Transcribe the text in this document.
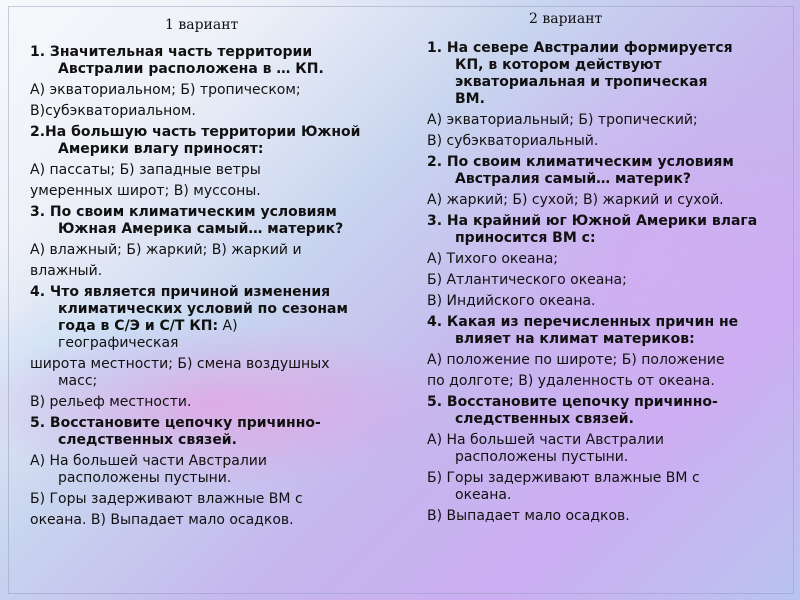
1 вариант
1. Значительная часть территории
Австралии расположена в … КП.
А) экваториальном; Б) тропическом;
В)субэкваториальном.
2.На большую часть территории Южной
Америки влагу приносят:
А) пассаты; Б) западные ветры
умеренных широт; В) муссоны.
3. По своим климатическим условиям
Южная Америка самый… материк?
А) влажный; Б) жаркий; В) жаркий и
влажный.
4. Что является причиной изменения
климатических условий по сезонам
года в С/Э и С/Т КП: А)
географическая
широта местности; Б) смена воздушных
масс;
В) рельеф местности.
5. Восстановите цепочку причинно-
следственных связей.
А) На большей части Австралии
расположены пустыни.
Б) Горы задерживают влажные ВМ с
океана. В) Выпадает мало осадков.
2 вариант
1. На севере Австралии формируется
КП, в котором действуют
экваториальная и тропическая
ВМ.
А) экваториальный; Б) тропический;
В) субэкваториальный.
2. По своим климатическим условиям
Австралия самый… материк?
А) жаркий; Б) сухой; В) жаркий и сухой.
3. На крайний юг Южной Америки влага
приносится ВМ с:
А) Тихого океана;
Б) Атлантического океана;
В) Индийского океана.
4. Какая из перечисленных причин не
влияет на климат материков:
А) положение по широте; Б) положение
по долготе; В) удаленность от океана.
5. Восстановите цепочку причинно-
следственных связей.
А) На большей части Австралии
расположены пустыни.
Б) Горы задерживают влажные ВМ с
океана.
В) Выпадает мало осадков.
